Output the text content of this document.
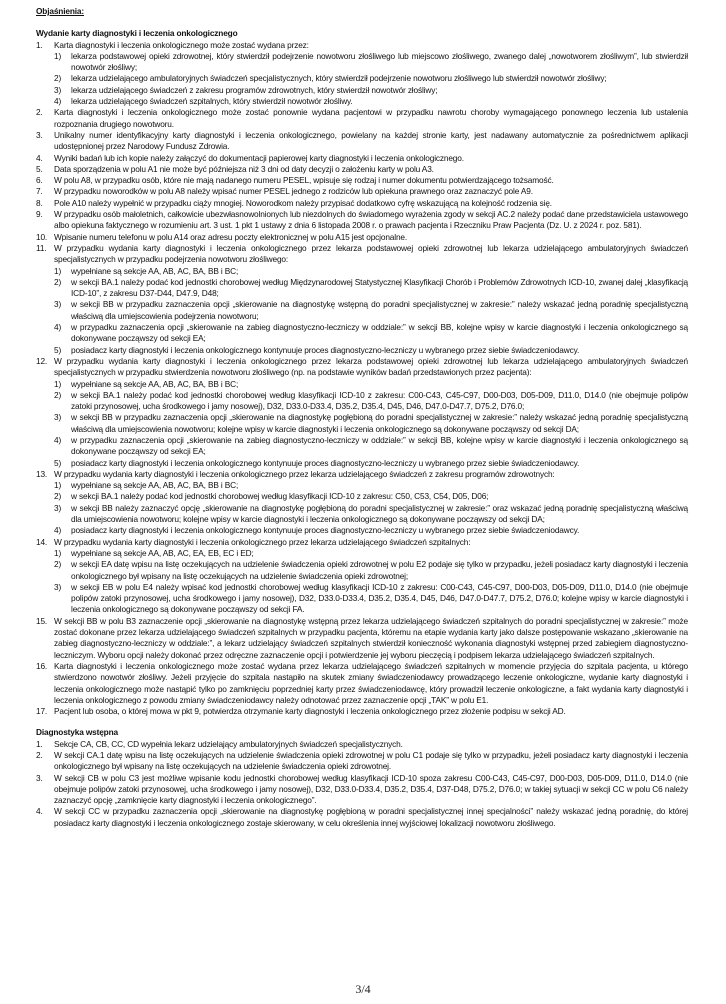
Objaśnienia:
Wydanie karty diagnostyki i leczenia onkologicznego
1. Karta diagnostyki i leczenia onkologicznego może zostać wydana przez:
1) lekarza podstawowej opieki zdrowotnej, który stwierdził podejrzenie nowotworu złośliwego lub miejscowo złośliwego, zwanego dalej „nowotworem złośliwym”, lub stwierdził nowotwór złośliwy;
2) lekarza udzielającego ambulatoryjnych świadczeń specjalistycznych, który stwierdził podejrzenie nowotworu złośliwego lub stwierdził nowotwór złośliwy;
3) lekarza udzielającego świadczeń z zakresu programów zdrowotnych, który stwierdził nowotwór złośliwy;
4) lekarza udzielającego świadczeń szpitalnych, który stwierdził nowotwór złośliwy.
2. Karta diagnostyki i leczenia onkologicznego może zostać ponownie wydana pacjentowi w przypadku nawrotu choroby wymagającego ponownego leczenia lub ustalenia rozpoznania drugiego nowotworu.
3. Unikalny numer identyfikacyjny karty diagnostyki i leczenia onkologicznego, powielany na każdej stronie karty, jest nadawany automatycznie za pośrednictwem aplikacji udostępnionej przez Narodowy Fundusz Zdrowia.
4. Wyniki badań lub ich kopie należy załączyć do dokumentacji papierowej karty diagnostyki i leczenia onkologicznego.
5. Data sporządzenia w polu A1 nie może być późniejsza niż 3 dni od daty decyzji o założeniu karty w polu A3.
6. W polu A8, w przypadku osób, które nie mają nadanego numeru PESEL, wpisuje się rodzaj i numer dokumentu potwierdzającego tożsamość.
7. W przypadku noworodków w polu A8 należy wpisać numer PESEL jednego z rodziców lub opiekuna prawnego oraz zaznaczyć pole A9.
8. Pole A10 należy wypełnić w przypadku ciąży mnogiej. Noworodkom należy przypisać dodatkowo cyfrę wskazującą na kolejność rodzenia się.
9. W przypadku osób małoletnich, całkowicie ubezwłasnowolnionych lub niezdolnych do świadomego wyrażenia zgody w sekcji AC.2 należy podać dane przedstawiciela ustawowego albo opiekuna faktycznego w rozumieniu art. 3 ust. 1 pkt 1 ustawy z dnia 6 listopada 2008 r. o prawach pacjenta i Rzeczniku Praw Pacjenta (Dz. U. z 2024 r. poz. 581).
10. Wpisanie numeru telefonu w polu A14 oraz adresu poczty elektronicznej w polu A15 jest opcjonalne.
11. W przypadku wydania karty diagnostyki i leczenia onkologicznego przez lekarza podstawowej opieki zdrowotnej lub lekarza udzielającego ambulatoryjnych świadczeń specjalistycznych w przypadku podejrzenia nowotworu złośliwego:
1) wypełniane są sekcje AA, AB, AC, BA, BB i BC;
2) w sekcji BA.1 należy podać kod jednostki chorobowej według Międzynarodowej Statystycznej Klasyfikacji Chorób i Problemów Zdrowotnych ICD-10, zwanej dalej „klasyfikacją ICD-10”, z zakresu D37-D44, D47.9, D48;
3) w sekcji BB w przypadku zaznaczenia opcji „skierowanie na diagnostykę wstępną do poradni specjalistycznej w zakresie:” należy wskazać jedną poradnię specjalistyczną właściwą dla umiejscowienia podejrzenia nowotworu;
4) w przypadku zaznaczenia opcji „skierowanie na zabieg diagnostyczno-leczniczy w oddziale:” w sekcji BB, kolejne wpisy w karcie diagnostyki i leczenia onkologicznego są dokonywane począwszy od sekcji EA;
5) posiadacz karty diagnostyki i leczenia onkologicznego kontynuuje proces diagnostyczno-leczniczy u wybranego przez siebie świadczeniodawcy.
12. W przypadku wydania karty diagnostyki i leczenia onkologicznego przez lekarza podstawowej opieki zdrowotnej lub lekarza udzielającego ambulatoryjnych świadczeń specjalistycznych w przypadku stwierdzenia nowotworu złośliwego (np. na podstawie wyników badań przedstawionych przez pacjenta):
1) wypełniane są sekcje AA, AB, AC, BA, BB i BC;
2) w sekcji BA.1 należy podać kod jednostki chorobowej według klasyfikacji ICD-10 z zakresu: C00-C43, C45-C97, D00-D03, D05-D09, D11.0, D14.0 (nie obejmuje polipów zatoki przynosowej, ucha środkowego i jamy nosowej), D32, D33.0-D33.4, D35.2, D35.4, D45, D46, D47.0-D47.7, D75.2, D76.0;
3) w sekcji BB w przypadku zaznaczenia opcji „skierowanie na diagnostykę pogłębioną do poradni specjalistycznej w zakresie:” należy wskazać jedną poradnię specjalistyczną właściwą dla umiejscowienia nowotworu; kolejne wpisy w karcie diagnostyki i leczenia onkologicznego są dokonywane począwszy od sekcji DA;
4) w przypadku zaznaczenia opcji „skierowanie na zabieg diagnostyczno-leczniczy w oddziale:” w sekcji BB, kolejne wpisy w karcie diagnostyki i leczenia onkologicznego są dokonywane począwszy od sekcji EA;
5) posiadacz karty diagnostyki i leczenia onkologicznego kontynuuje proces diagnostyczno-leczniczy u wybranego przez siebie świadczeniodawcy.
13. W przypadku wydania karty diagnostyki i leczenia onkologicznego przez lekarza udzielającego świadczeń z zakresu programów zdrowotnych:
1) wypełniane są sekcje AA, AB, AC, BA, BB i BC;
2) w sekcji BA.1 należy podać kod jednostki chorobowej według klasyfikacji ICD-10 z zakresu: C50, C53, C54, D05, D06;
3) w sekcji BB należy zaznaczyć opcję „skierowanie na diagnostykę pogłębioną do poradni specjalistycznej w zakresie:” oraz wskazać jedną poradnię specjalistyczną właściwą dla umiejscowienia nowotworu; kolejne wpisy w karcie diagnostyki i leczenia onkologicznego są dokonywane począwszy od sekcji DA;
4) posiadacz karty diagnostyki i leczenia onkologicznego kontynuuje proces diagnostyczno-leczniczy u wybranego przez siebie świadczeniodawcy.
14. W przypadku wydania karty diagnostyki i leczenia onkologicznego przez lekarza udzielającego świadczeń szpitalnych:
1) wypełniane są sekcje AA, AB, AC, EA, EB, EC i ED;
2) w sekcji EA datę wpisu na listę oczekujących na udzielenie świadczenia opieki zdrowotnej w polu E2 podaje się tylko w przypadku, jeżeli posiadacz karty diagnostyki i leczenia onkologicznego był wpisany na listę oczekujących na udzielenie świadczenia opieki zdrowotnej;
3) w sekcji EB w polu E4 należy wpisać kod jednostki chorobowej według klasyfikacji ICD-10 z zakresu: C00-C43, C45-C97, D00-D03, D05-D09, D11.0, D14.0 (nie obejmuje polipów zatoki przynosowej, ucha środkowego i jamy nosowej), D32, D33.0-D33.4, D35.2, D35.4, D45, D46, D47.0-D47.7, D75.2, D76.0; kolejne wpisy w karcie diagnostyki i leczenia onkologicznego są dokonywane począwszy od sekcji FA.
15. W sekcji BB w polu B3 zaznaczenie opcji „skierowanie na diagnostykę wstępną przez lekarza udzielającego świadczeń szpitalnych do poradni specjalistycznej w zakresie:” może zostać dokonane przez lekarza udzielającego świadczeń szpitalnych w przypadku pacjenta, któremu na etapie wydania karty jako dalsze postępowanie wskazano „skierowanie na zabieg diagnostyczno-leczniczy w oddziale:”, a lekarz udzielający świadczeń szpitalnych stwierdził konieczność wykonania diagnostyki wstępnej przed zabiegiem diagnostyczno-leczniczym. Wyboru opcji należy dokonać przez odręczne zaznaczenie opcji i potwierdzenie jej wyboru pieczęcią i podpisem lekarza udzielającego świadczeń szpitalnych.
16. Karta diagnostyki i leczenia onkologicznego może zostać wydana przez lekarza udzielającego świadczeń szpitalnych w momencie przyjęcia do szpitala pacjenta, u którego stwierdzono nowotwór złośliwy. Jeżeli przyjęcie do szpitala nastąpiło na skutek zmiany świadczeniodawcy prowadzącego leczenie onkologiczne, wydanie karty diagnostyki i leczenia onkologicznego może nastąpić tylko po zamknięciu poprzedniej karty przez świadczeniodawcę, który prowadził leczenie onkologiczne, a fakt wydania karty diagnostyki i leczenia onkologicznego z powodu zmiany świadczeniodawcy należy odnotować przez zaznaczenie opcji „TAK” w polu E1.
17. Pacjent lub osoba, o której mowa w pkt 9, potwierdza otrzymanie karty diagnostyki i leczenia onkologicznego przez złożenie podpisu w sekcji AD.
Diagnostyka wstępna
1. Sekcje CA, CB, CC, CD wypełnia lekarz udzielający ambulatoryjnych świadczeń specjalistycznych.
2. W sekcji CA.1 datę wpisu na listę oczekujących na udzielenie świadczenia opieki zdrowotnej w polu C1 podaje się tylko w przypadku, jeżeli posiadacz karty diagnostyki i leczenia onkologicznego był wpisany na listę oczekujących na udzielenie świadczenia opieki zdrowotnej.
3. W sekcji CB w polu C3 jest możliwe wpisanie kodu jednostki chorobowej według klasyfikacji ICD-10 spoza zakresu C00-C43, C45-C97, D00-D03, D05-D09, D11.0, D14.0 (nie obejmuje polipów zatoki przynosowej, ucha środkowego i jamy nosowej), D32, D33.0-D33.4, D35.2, D35.4, D37-D48, D75.2, D76.0; w takiej sytuacji w sekcji CC w polu C6 należy zaznaczyć opcję „zamknięcie karty diagnostyki i leczenia onkologicznego”.
4. W sekcji CC w przypadku zaznaczenia opcji „skierowanie na diagnostykę pogłębioną w poradni specjalistycznej innej specjalności” należy wskazać jedną poradnię, do której posiadacz karty diagnostyki i leczenia onkologicznego zostaje skierowany, w celu określenia innej wyjściowej lokalizacji nowotworu złośliwego.
3/4
